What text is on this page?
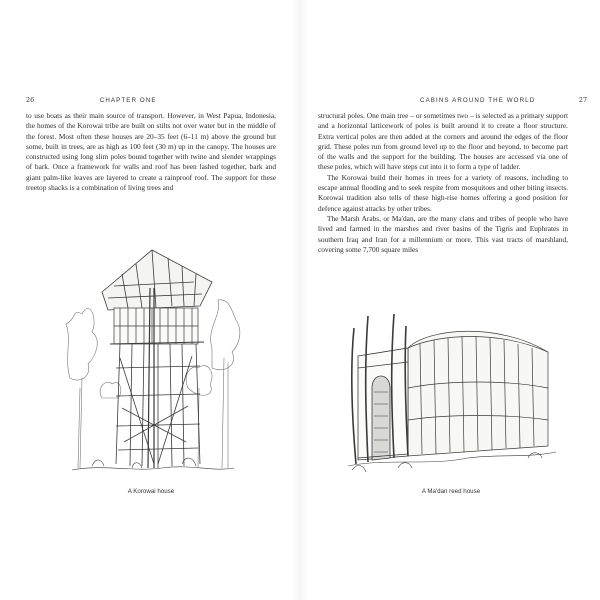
26	CHAPTER ONE

to use boats as their main source of transport. However, in West Papua, Indonesia, the homes of the Korowai tribe are built on stilts not over water but in the middle of the forest. Most often these houses are 20–35 feet (6–11 m) above the ground but some, built in trees, are as high as 100 feet (30 m) up in the canopy. The houses are constructed using long slim poles bound together with twine and slender wrappings of bark. Once a framework for walls and roof has been lashed together, bark and giant palm-like leaves are layered to create a rainproof roof. The support for these treetop shacks is a combination of living trees and

A Korowai house
CABINS AROUND THE WORLD	27

structural poles. One main tree – or sometimes two – is selected as a primary support and a horizontal latticework of poles is built around it to create a floor structure. Extra vertical poles are then added at the corners and around the edges of the floor grid. These poles run from ground level up to the floor and beyond, to become part of the walls and the support for the building. The houses are accessed via one of these poles, which will have steps cut into it to form a type of ladder.

The Korowai build their homes in trees for a variety of reasons, including to escape annual flooding and to seek respite from mosquitoes and other biting insects. Korowai tradition also tells of these high-rise homes offering a good position for defence against attacks by other tribes.

The Marsh Arabs, or Ma'dan, are the many clans and tribes of people who have lived and farmed in the marshes and river basins of the Tigris and Euphrates in southern Iraq and Iran for a millennium or more. This vast tracts of marshland, covering some 7,700 square miles

A Ma'dan reed house
